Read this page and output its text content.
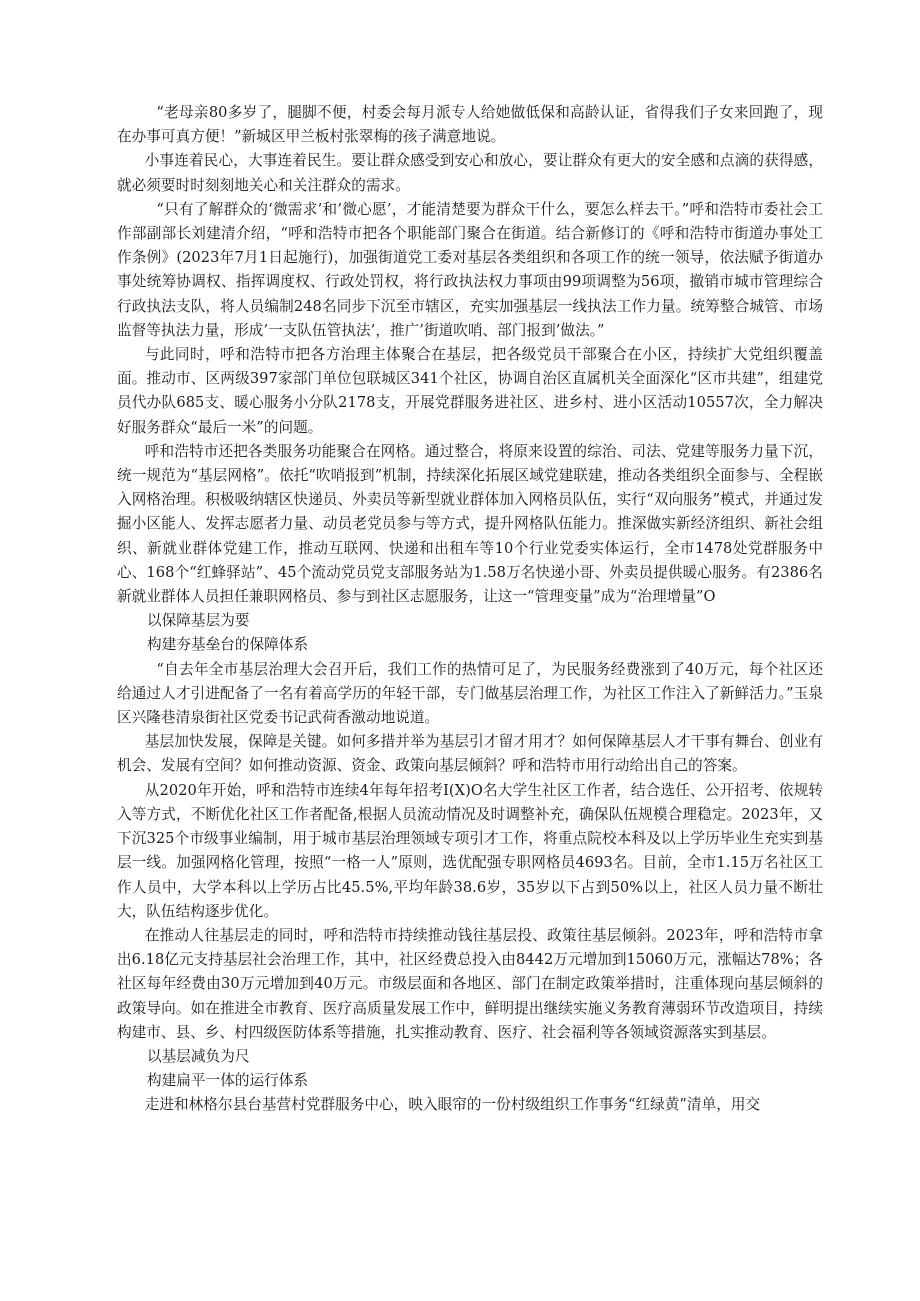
“老母亲80多岁了，腿脚不便，村委会每月派专人给她做低保和高龄认证，省得我们子女来回跑了，现在办事可真方便！”新城区甲兰板村张翠梅的孩子满意地说。

小事连着民心，大事连着民生。要让群众感受到安心和放心，要让群众有更大的安全感和点滴的获得感，就必须要时时刻刻地关心和关注群众的需求。

“只有了解群众的‘微需求’和’微心愿’，才能清楚要为群众干什么，要怎么样去干。”呼和浩特市委社会工作部副部长刘建清介绍，“呼和浩特市把各个职能部门聚合在街道。结合新修订的《呼和浩特市街道办事处工作条例》(2023年7月1日起施行)，加强街道党工委对基层各类组织和各项工作的统一领导，依法赋予街道办事处统筹协调权、指挥调度权、行政处罚权，将行政执法权力事项由99项调整为56项，撤销市城市管理综合行政执法支队，将人员编制248名同步下沉至市辖区，充实加强基层一线执法工作力量。统筹整合城管、市场监督等执法力量，形成’一支队伍管执法’，推广’街道吹哨、部门报到’做法。”

与此同时，呼和浩特市把各方治理主体聚合在基层，把各级党员干部聚合在小区，持续扩大党组织覆盖面。推动市、区两级397家部门单位包联城区341个社区，协调自治区直属机关全面深化“区市共建”，组建党员代办队685支、暖心服务小分队2178支，开展党群服务进社区、进乡村、进小区活动10557次，全力解决好服务群众“最后一米”的问题。

呼和浩特市还把各类服务功能聚合在网格。通过整合，将原来设置的综治、司法、党建等服务力量下沉，统一规范为“基层网格”。依托“吹哨报到”机制，持续深化拓展区域党建联建，推动各类组织全面参与、全程嵌入网格治理。积极吸纳辖区快递员、外卖员等新型就业群体加入网格员队伍，实行“双向服务”模式，并通过发掘小区能人、发挥志愿者力量、动员老党员参与等方式，提升网格队伍能力。推深做实新经济组织、新社会组织、新就业群体党建工作，推动互联网、快递和出租车等10个行业党委实体运行，全市1478处党群服务中心、168个“红蜂驿站”、45个流动党员党支部服务站为1.58万名快递小哥、外卖员提供暖心服务。有2386名新就业群体人员担任兼职网格员、参与到社区志愿服务，让这一“管理变量”成为“治理增量”O

以保障基层为要

构建夯基垒台的保障体系

“自去年全市基层治理大会召开后，我们工作的热情可足了，为民服务经费涨到了40万元，每个社区还给通过人才引进配备了一名有着高学历的年轻干部，专门做基层治理工作，为社区工作注入了新鲜活力。”玉泉区兴隆巷清泉街社区党委书记武荷香激动地说道。

基层加快发展，保障是关键。如何多措并举为基层引才留才用才？如何保障基层人才干事有舞台、创业有机会、发展有空间？如何推动资源、资金、政策向基层倾斜？呼和浩特市用行动给出自己的答案。

从2020年开始，呼和浩特市连续4年每年招考I(X)O名大学生社区工作者，结合选任、公开招考、依规转入等方式，不断优化社区工作者配备,根据人员流动情况及时调整补充，确保队伍规模合理稳定。2023年，又下沉325个市级事业编制，用于城市基层治理领域专项引才工作，将重点院校本科及以上学历毕业生充实到基层一线。加强网格化管理，按照“一格一人”原则，选优配强专职网格员4693名。目前，全市1.15万名社区工作人员中，大学本科以上学历占比45.5%,平均年龄38.6岁，35岁以下占到50%以上，社区人员力量不断壮大，队伍结构逐步优化。

在推动人往基层走的同时，呼和浩特市持续推动钱往基层投、政策往基层倾斜。2023年，呼和浩特市拿出6.18亿元支持基层社会治理工作，其中，社区经费总投入由8442万元增加到15060万元，涨幅达78%；各社区每年经费由30万元增加到40万元。市级层面和各地区、部门在制定政策举措时，注重体现向基层倾斜的政策导向。如在推进全市教育、医疗高质量发展工作中，鲜明提出继续实施义务教育薄弱环节改造项目，持续构建市、县、乡、村四级医防体系等措施，扎实推动教育、医疗、社会福利等各领域资源落实到基层。

以基层减负为尺

构建扁平一体的运行体系

走进和林格尔县台基营村党群服务中心，映入眼帘的一份村级组织工作事务“红绿黄”清单，用交
